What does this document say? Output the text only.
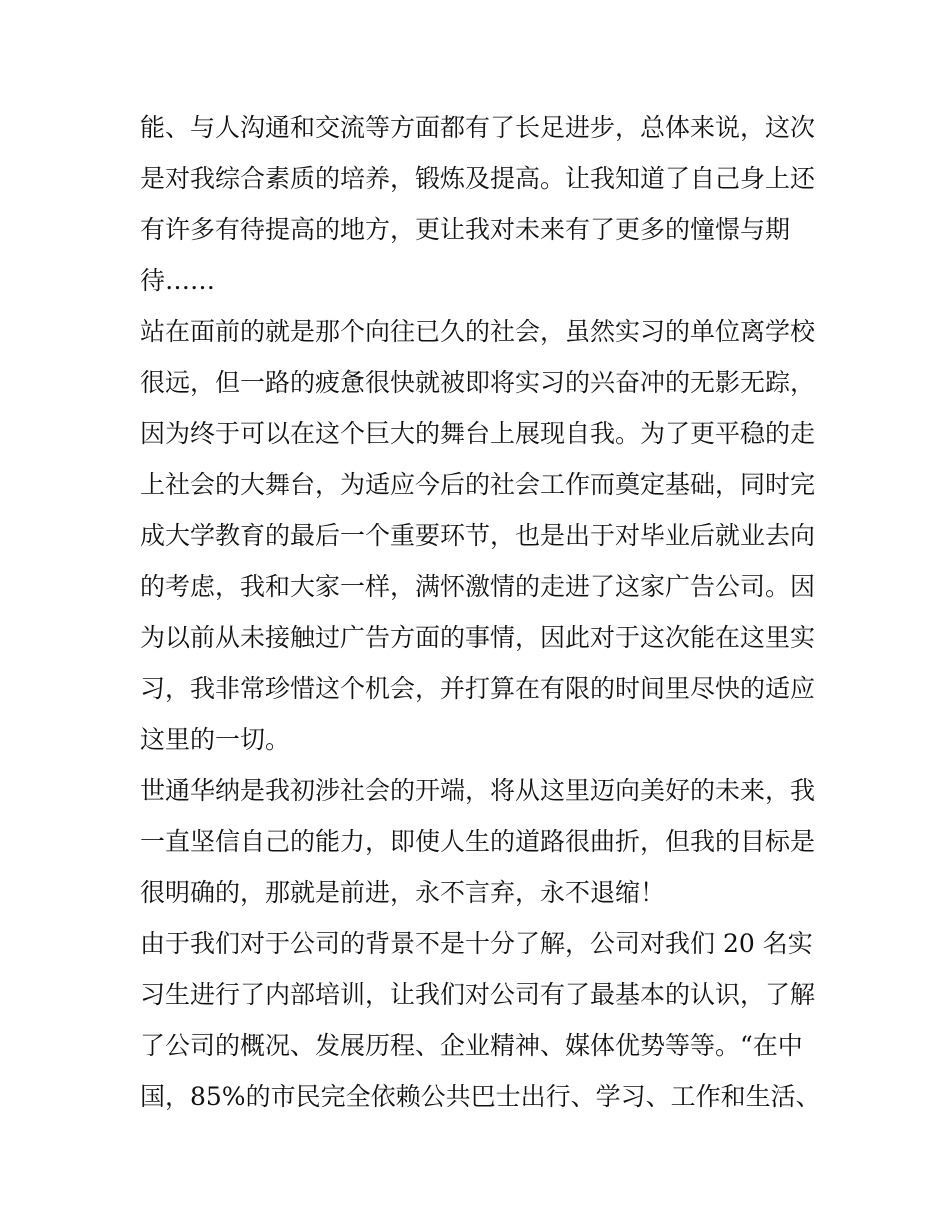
能、与人沟通和交流等方面都有了长足进步，总体来说，这次
是对我综合素质的培养，锻炼及提高。让我知道了自己身上还
有许多有待提高的地方，更让我对未来有了更多的憧憬与期
待……
站在面前的就是那个向往已久的社会，虽然实习的单位离学校
很远，但一路的疲惫很快就被即将实习的兴奋冲的无影无踪，
因为终于可以在这个巨大的舞台上展现自我。为了更平稳的走
上社会的大舞台，为适应今后的社会工作而奠定基础，同时完
成大学教育的最后一个重要环节，也是出于对毕业后就业去向
的考虑，我和大家一样，满怀激情的走进了这家广告公司。因
为以前从未接触过广告方面的事情，因此对于这次能在这里实
习，我非常珍惜这个机会，并打算在有限的时间里尽快的适应
这里的一切。
世通华纳是我初涉社会的开端，将从这里迈向美好的未来，我
一直坚信自己的能力，即使人生的道路很曲折，但我的目标是
很明确的，那就是前进，永不言弃，永不退缩！
由于我们对于公司的背景不是十分了解，公司对我们 20 名实
习生进行了内部培训，让我们对公司有了最基本的认识，了解
了公司的概况、发展历程、企业精神、媒体优势等等。“在中
国，85%的市民完全依赖公共巴士出行、学习、工作和生活、
